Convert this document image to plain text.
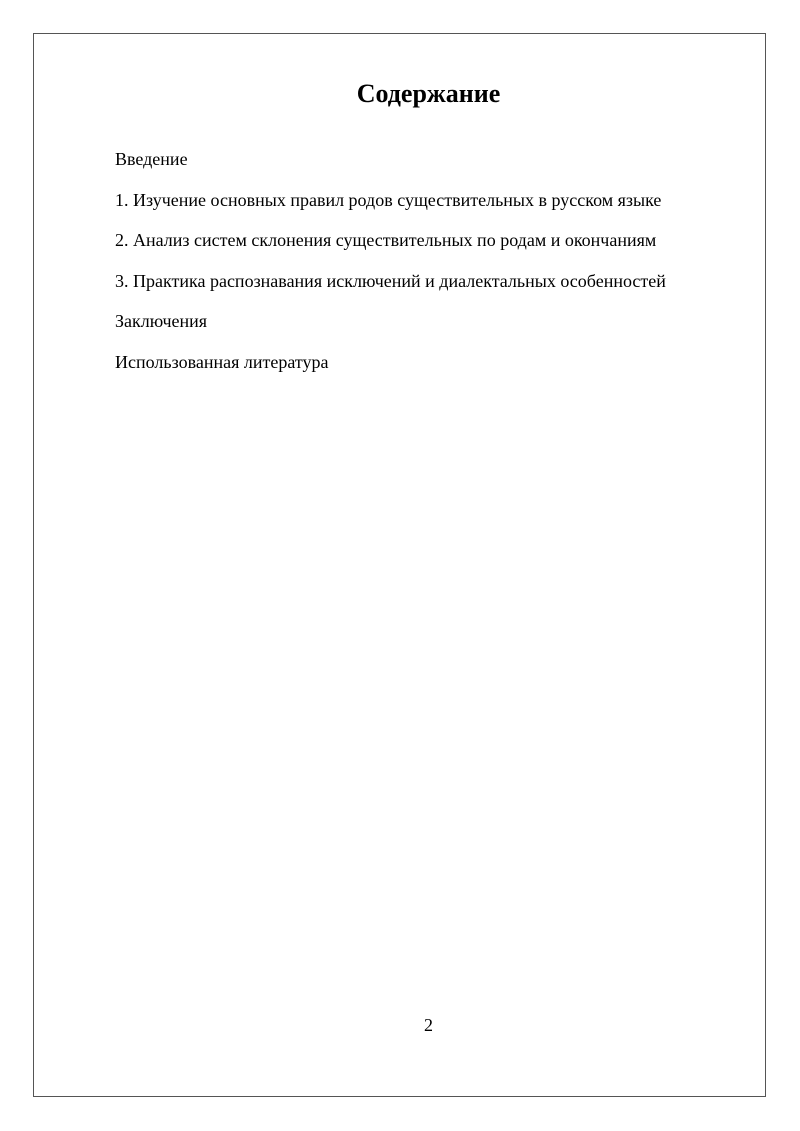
Содержание
Введение
1. Изучение основных правил родов существительных в русском языке
2. Анализ систем склонения существительных по родам и окончаниям
3. Практика распознавания исключений и диалектальных особенностей
Заключения
Использованная литература
2
